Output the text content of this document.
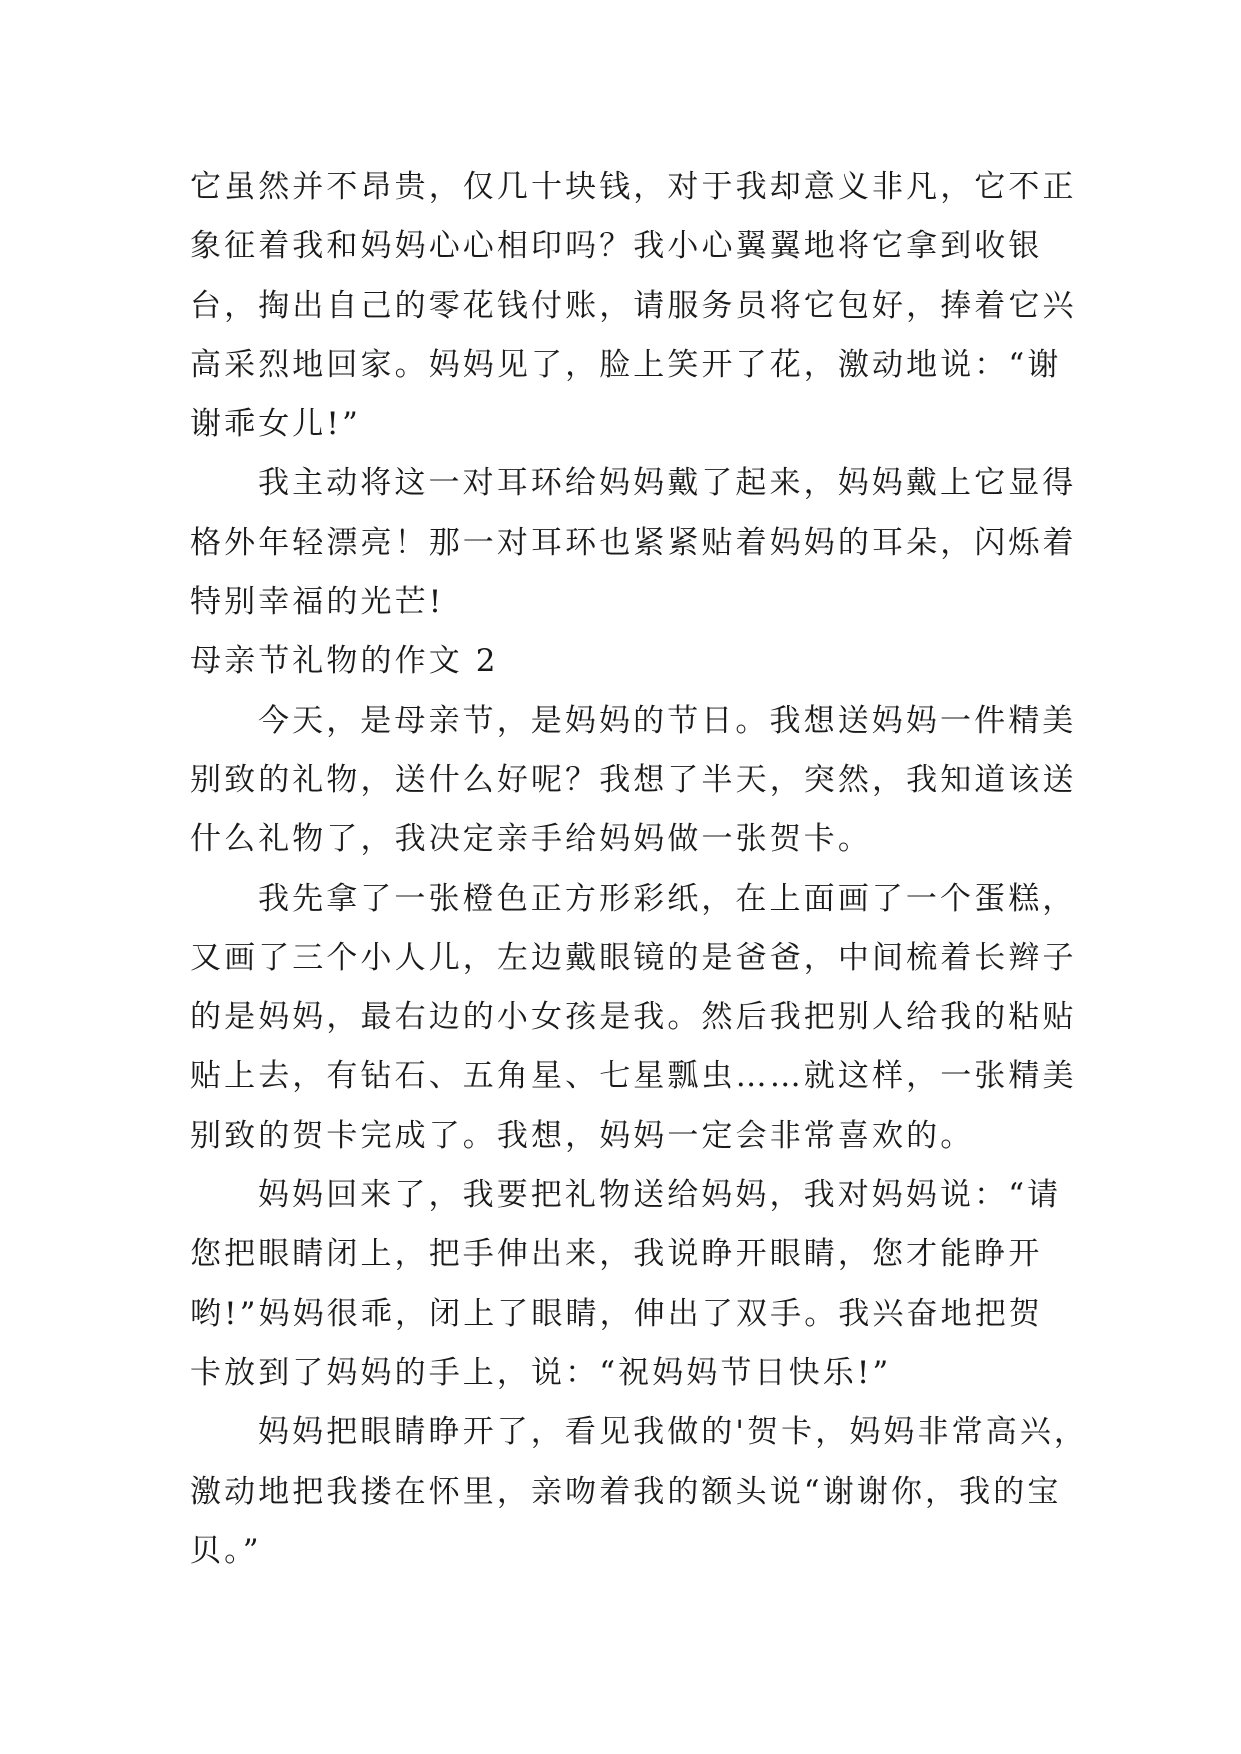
它虽然并不昂贵，仅几十块钱，对于我却意义非凡，它不正
象征着我和妈妈心心相印吗？我小心翼翼地将它拿到收银
台，掏出自己的零花钱付账，请服务员将它包好，捧着它兴
高采烈地回家。妈妈见了，脸上笑开了花，激动地说：“谢
谢乖女儿!”
我主动将这一对耳环给妈妈戴了起来，妈妈戴上它显得
格外年轻漂亮！那一对耳环也紧紧贴着妈妈的耳朵，闪烁着
特别幸福的光芒!
母亲节礼物的作文 2
今天，是母亲节，是妈妈的节日。我想送妈妈一件精美
别致的礼物，送什么好呢？我想了半天，突然，我知道该送
什么礼物了，我决定亲手给妈妈做一张贺卡。
我先拿了一张橙色正方形彩纸，在上面画了一个蛋糕，
又画了三个小人儿，左边戴眼镜的是爸爸，中间梳着长辫子
的是妈妈，最右边的小女孩是我。然后我把别人给我的粘贴
贴上去，有钻石、五角星、七星瓢虫……就这样，一张精美
别致的贺卡完成了。我想，妈妈一定会非常喜欢的。
妈妈回来了，我要把礼物送给妈妈，我对妈妈说：“请
您把眼睛闭上，把手伸出来，我说睁开眼睛，您才能睁开
哟!”妈妈很乖，闭上了眼睛，伸出了双手。我兴奋地把贺
卡放到了妈妈的手上，说：“祝妈妈节日快乐!”
妈妈把眼睛睁开了，看见我做的'贺卡，妈妈非常高兴，
激动地把我搂在怀里，亲吻着我的额头说“谢谢你，我的宝
贝。”
